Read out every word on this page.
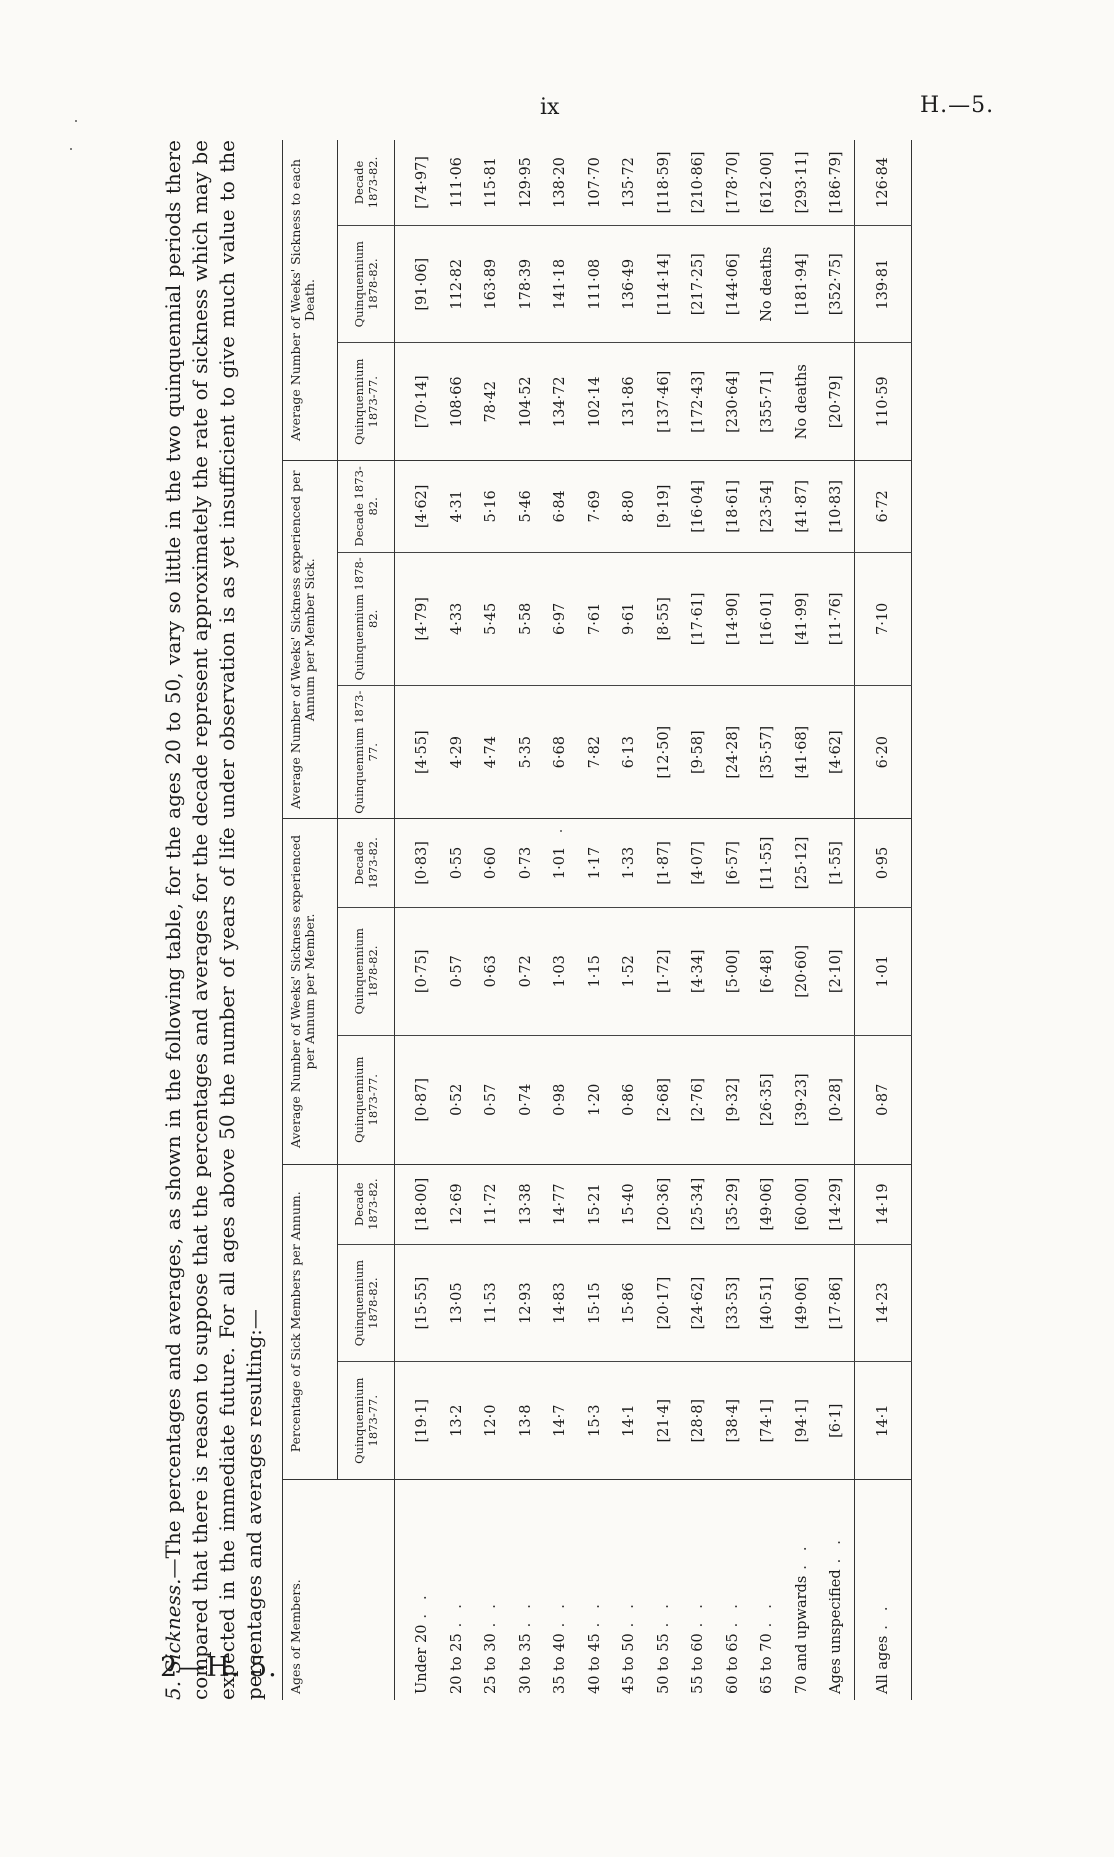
ix	H.—5.
2—H. 5.

5. Sickness.—The percentages and averages, as shown in the following table, for the ages 20 to 50, vary so little in the two quinquennial periods there compared that there is reason to suppose that the percentages and averages for the decade represent approximately the rate of sickness which may be expected in the immediate future. For all ages above 50 the number of years of life under observation is as yet insufficient to give much value to the percentages and averages resulting:— Ages of Members.	Percentage of Sick Members per Annum.			Average Number of Weeks' Sickness experienced per Annum per Member.			Average Number of Weeks' Sickness experienced per Annum per Member Sick.			Average Number of Weeks' Sickness to each Death.		
	Quinquennium 1873-77.	Quinquennium 1878-82.	Decade 1873-82.	Quinquennium 1873-77.	Quinquennium 1878-82.	Decade 1873-82.	Quinquennium 1873-77.	Quinquennium 1878-82.	Decade 1873-82.	Quinquennium 1873-77.	Quinquennium 1878-82.	Decade 1873-82.

Under 20..	[19·1]	[15·55]	[18·00]	[0·87]	[0·75]	[0·83]	[4·55]	[4·79]	[4·62]	[70·14]	[91·06]	[74·97]
20 to 25..	13·2	13·05	12·69	0·52	0·57	0·55	4·29	4·33	4·31	108·66	112·82	111·06
25 to 30..	12·0	11·53	11·72	0·57	0·63	0·60	4·74	5·45	5·16	78·42	163·89	115·81
30 to 35..	13·8	12·93	13·38	0·74	0·72	0·73	5·35	5·58	5·46	104·52	178·39	129·95
35 to 40..	14·7	14·83	14·77	0·98	1·03	1·01	6·68	6·97	6·84	134·72	141·18	138·20
40 to 45..	15·3	15·15	15·21	1·20	1·15	1·17	7·82	7·61	7·69	102·14	111·08	107·70
45 to 50..	14·1	15·86	15·40	0·86	1·52	1·33	6·13	9·61	8·80	131·86	136·49	135·72
50 to 55..	[21·4]	[20·17]	[20·36]	[2·68]	[1·72]	[1·87]	[12·50]	[8·55]	[9·19]	[137·46]	[114·14]	[118·59]
55 to 60..	[28·8]	[24·62]	[25·34]	[2·76]	[4·34]	[4·07]	[9·58]	[17·61]	[16·04]	[172·43]	[217·25]	[210·86]
60 to 65..	[38·4]	[33·53]	[35·29]	[9·32]	[5·00]	[6·57]	[24·28]	[14·90]	[18·61]	[230·64]	[144·06]	[178·70]
65 to 70..	[74·1]	[40·51]	[49·06]	[26·35]	[6·48]	[11·55]	[35·57]	[16·01]	[23·54]	[355·71]	No deaths	[612·00]
70 and upwards..	[94·1]	[49·06]	[60·00]	[39·23]	[20·60]	[25·12]	[41·68]	[41·99]	[41·87]	No deaths	[181·94]	[293·11]
Ages unspecified..	[6·1]	[17·86]	[14·29]	[0·28]	[2·10]	[1·55]	[4·62]	[11·76]	[10·83]	[20·79]	[352·75]	[186·79]
All ages..	14·1	14·23	14·19	0·87	1·01	0·95	6·20	7·10	6·72	110·59	139·81	126·84
